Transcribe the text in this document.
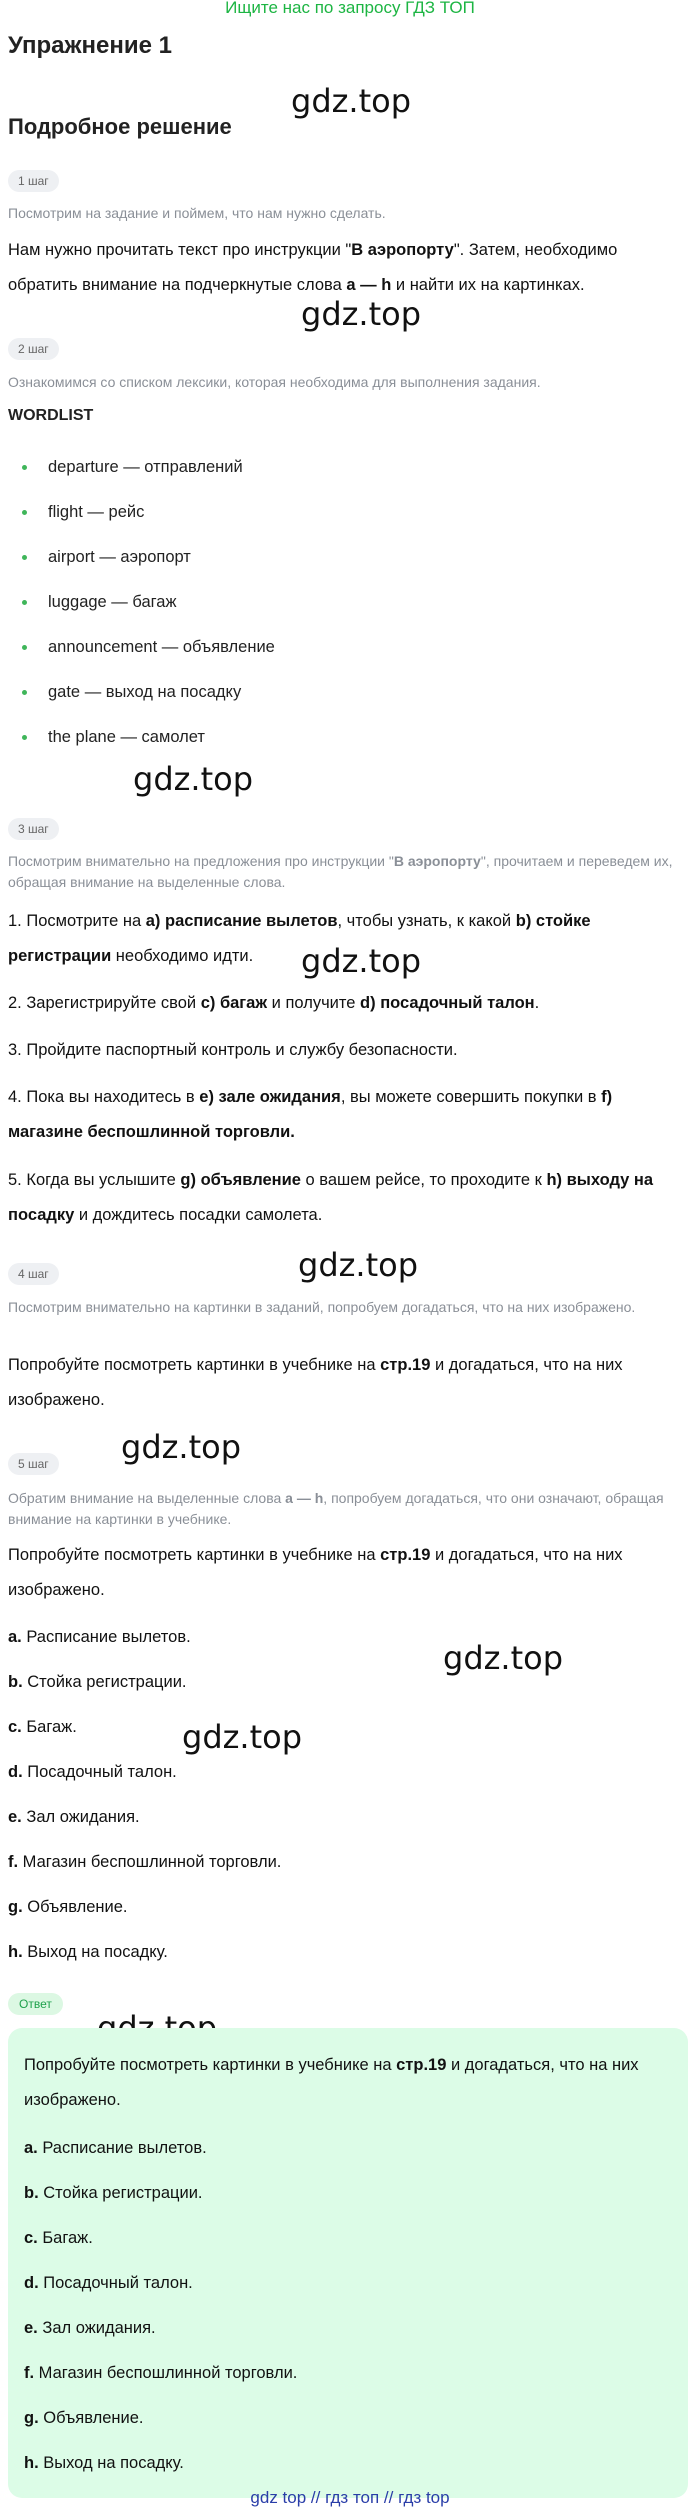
Ищите нас по запросу ГДЗ ТОП
Упражнение 1
Подробное решение
gdz.top
gdz.top
gdz.top
gdz.top
gdz.top
gdz.top
gdz.top
gdz.top
1 шаг
Посмотрим на задание и поймем, что нам нужно сделать.
Нам нужно прочитать текст про инструкции "В аэропорту". Затем, необходимо обратить внимание на подчеркнутые слова a — h и найти их на картинках.
2 шаг
Ознакомимся со списком лексики, которая необходима для выполнения задания.
WORDLIST
departure — отправлений
flight — рейс
airport — аэропорт
luggage — багаж
announcement — объявление
gate — выход на посадку
the plane — самолет
3 шаг
Посмотрим внимательно на предложения про инструкции "В аэропорту", прочитаем и переведем их, обращая внимание на выделенные слова.
1. Посмотрите на a) расписание вылетов, чтобы узнать, к какой b) стойке регистрации необходимо идти.
2. Зарегистрируйте свой c) багаж и получите d) посадочный талон.
3. Пройдите паспортный контроль и службу безопасности.
4. Пока вы находитесь в e) зале ожидания, вы можете совершить покупки в f) магазине беспошлинной торговли.
5. Когда вы услышите g) объявление о вашем рейсе, то проходите к h) выходу на посадку и дождитесь посадки самолета.
4 шаг
Посмотрим внимательно на картинки в заданий, попробуем догадаться, что на них изображено.
Попробуйте посмотреть картинки в учебнике на стр.19 и догадаться, что на них изображено.
5 шаг
Обратим внимание на выделенные слова a — h, попробуем догадаться, что они означают, обращая внимание на картинки в учебнике.
Попробуйте посмотреть картинки в учебнике на стр.19 и догадаться, что на них изображено.
a. Расписание вылетов.
b. Стойка регистрации.
c. Багаж.
d. Посадочный талон.
e. Зал ожидания.
f. Магазин беспошлинной торговли.
g. Объявление.
h. Выход на посадку.
Ответ
Попробуйте посмотреть картинки в учебнике на стр.19 и догадаться, что на них изображено.
a. Расписание вылетов.
b. Стойка регистрации.
c. Багаж.
d. Посадочный талон.
e. Зал ожидания.
f. Магазин беспошлинной торговли.
g. Объявление.
h. Выход на посадку.
gdz top // гдз топ // гдз top
